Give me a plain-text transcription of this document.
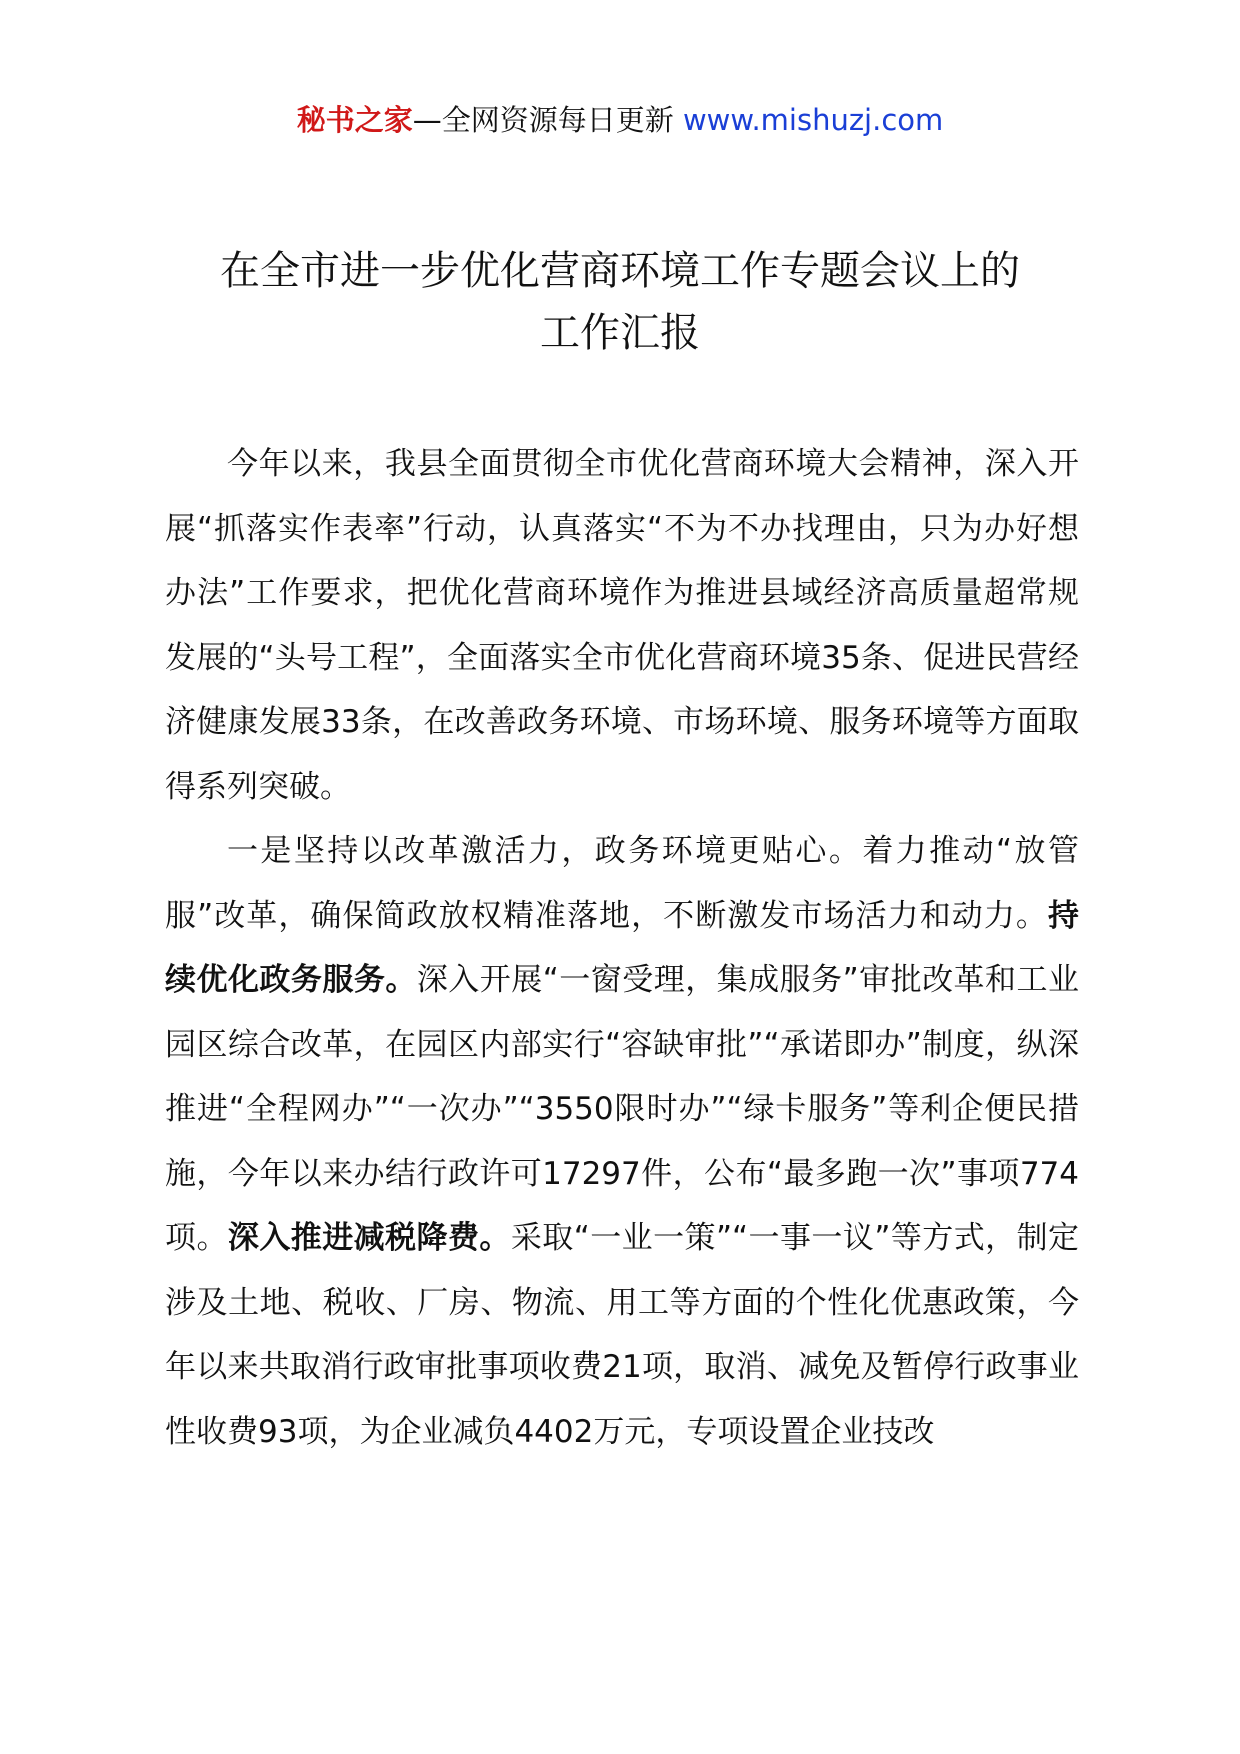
秘书之家—全网资源每日更新 www.mishuzj.com
在全市进一步优化营商环境工作专题会议上的
工作汇报

今年以来，我县全面贯彻全市优化营商环境大会精神，深入开展“抓落实作表率”行动，认真落实“不为不办找理由，只为办好想办法”工作要求，把优化营商环境作为推进县域经济高质量超常规发展的“头号工程”，全面落实全市优化营商环境35条、促进民营经济健康发展33条，在改善政务环境、市场环境、服务环境等方面取得系列突破。

一是坚持以改革激活力，政务环境更贴心。着力推动“放管服”改革，确保简政放权精准落地，不断激发市场活力和动力。持续优化政务服务。深入开展“一窗受理，集成服务”审批改革和工业园区综合改革，在园区内部实行“容缺审批”“承诺即办”制度，纵深推进“全程网办”“一次办”“3550限时办”“绿卡服务”等利企便民措施，今年以来办结行政许可17297件，公布“最多跑一次”事项774项。深入推进减税降费。采取“一业一策”“一事一议”等方式，制定涉及土地、税收、厂房、物流、用工等方面的个性化优惠政策，今年以来共取消行政审批事项收费21项，取消、减免及暂停行政事业性收费93项，为企业减负4402万元，专项设置企业技改
